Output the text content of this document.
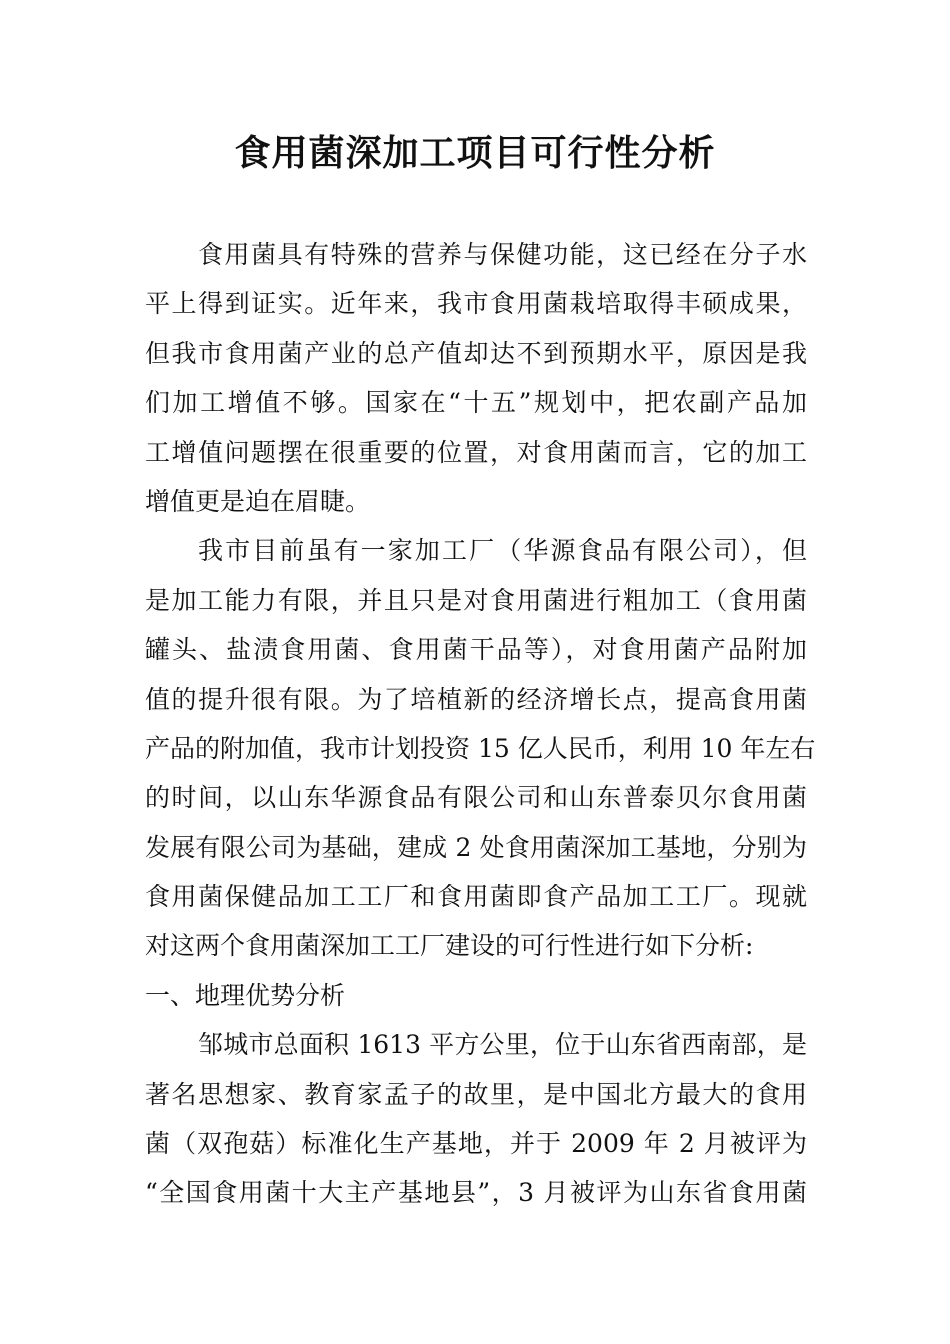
食用菌深加工项目可行性分析
食用菌具有特殊的营养与保健功能，这已经在分子水
平上得到证实。近年来，我市食用菌栽培取得丰硕成果，
但我市食用菌产业的总产值却达不到预期水平，原因是我
们加工增值不够。国家在“十五”规划中，把农副产品加
工增值问题摆在很重要的位置，对食用菌而言，它的加工
增值更是迫在眉睫。
我市目前虽有一家加工厂（华源食品有限公司），但
是加工能力有限，并且只是对食用菌进行粗加工（食用菌
罐头、盐渍食用菌、食用菌干品等），对食用菌产品附加
值的提升很有限。为了培植新的经济增长点，提高食用菌
产品的附加值，我市计划投资 15 亿人民币，利用 10 年左右
的时间，以山东华源食品有限公司和山东普泰贝尔食用菌
发展有限公司为基础，建成 2 处食用菌深加工基地，分别为
食用菌保健品加工工厂和食用菌即食产品加工工厂。现就
对这两个食用菌深加工工厂建设的可行性进行如下分析:
一、地理优势分析
邹城市总面积 1613 平方公里，位于山东省西南部，是
著名思想家、教育家孟子的故里，是中国北方最大的食用
菌（双孢菇）标准化生产基地，并于 2009 年 2 月被评为
“全国食用菌十大主产基地县”，3 月被评为山东省食用菌
